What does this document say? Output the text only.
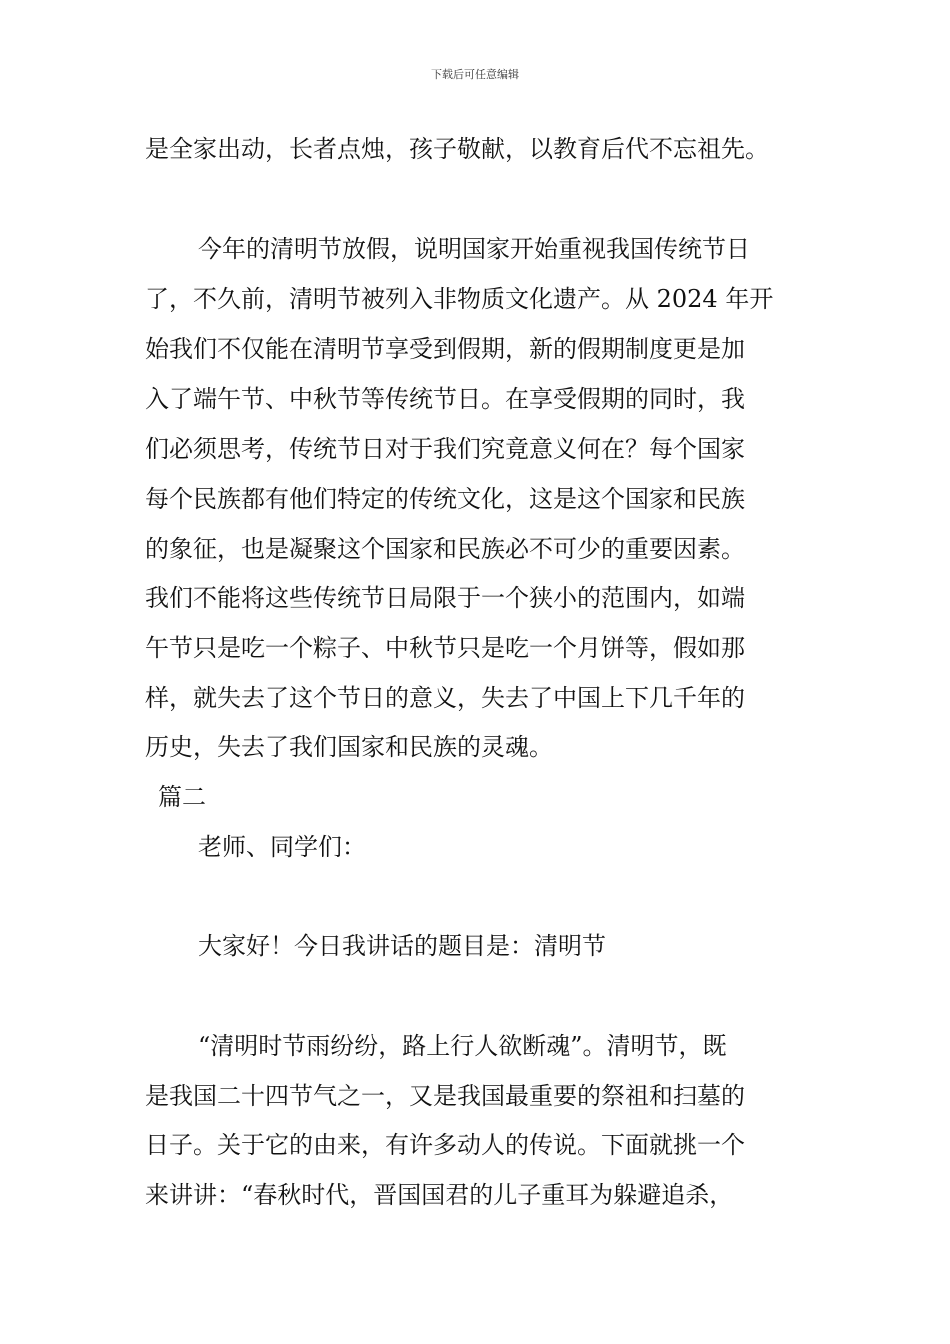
下载后可任意编辑
是全家出动，长者点烛，孩子敬献，以教育后代不忘祖先。
今年的清明节放假，说明国家开始重视我国传统节日
了，不久前，清明节被列入非物质文化遗产。从 2024 年开
始我们不仅能在清明节享受到假期，新的假期制度更是加
入了端午节、中秋节等传统节日。在享受假期的同时，我
们必须思考，传统节日对于我们究竟意义何在？每个国家
每个民族都有他们特定的传统文化，这是这个国家和民族
的象征，也是凝聚这个国家和民族必不可少的重要因素。
我们不能将这些传统节日局限于一个狭小的范围内，如端
午节只是吃一个粽子、中秋节只是吃一个月饼等，假如那
样，就失去了这个节日的意义，失去了中国上下几千年的
历史，失去了我们国家和民族的灵魂。
篇二
老师、同学们：
大家好！今日我讲话的题目是：清明节
“清明时节雨纷纷，路上行人欲断魂”。清明节，既
是我国二十四节气之一，又是我国最重要的祭祖和扫墓的
日子。关于它的由来，有许多动人的传说。下面就挑一个
来讲讲：“春秋时代，晋国国君的儿子重耳为躲避追杀，
